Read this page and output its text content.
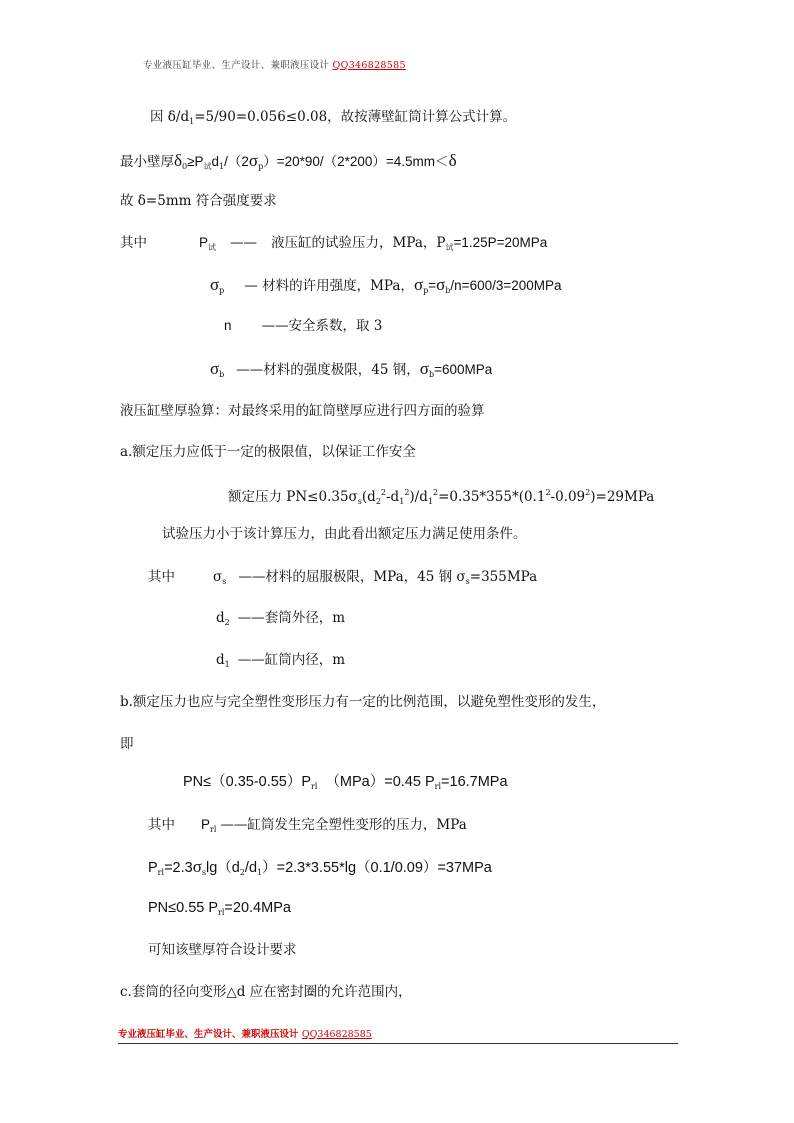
专业液压缸毕业、生产设计、兼职液压设计 QQ346828585
因 $\delta/d_1=5/90=0.056\le 0.08$，故按薄壁缸筒计算公式计算。
最小壁厚$\delta_0\ge P_试d_1/(2\sigma_p)=20*90/(2*200)=4.5mm<\delta$
故 δ=5mm 符合强度要求
其中	$P_试$ —— 液压缸的试验压力，MPa，$P_试=1.25P=20MPa$
$\sigma_p$ — 材料的许用强度，MPa，$\sigma_p=\sigma_b/n=600/3=200MPa$
n ——安全系数，取 3
$\sigma_b$ ——材料的强度极限，45 钢，$\sigma_b=600MPa$
液压缸壁厚验算：对最终采用的缸筒壁厚应进行四方面的验算
a.额定压力应低于一定的极限值，以保证工作安全
额定压力 $PN\le 0.35\sigma_s(d_2^2-d_1^2)/d_1^2=0.35*355*(0.1^2-0.09^2)=29MPa$
试验压力小于该计算压力，由此看出额定压力满足使用条件。
其中	$\sigma_s$ ——材料的屈服极限，MPa，45 钢 $\sigma_s=355MPa$
$d_2$ ——套筒外径，m
$d_1$ ——缸筒内径，m
b.额定压力也应与完全塑性变形压力有一定的比例范围，以避免塑性变形的发生，
即
$PN\le(0.35-0.55)P_{rl}$ （MPa）=0.45 $P_{rl}=16.7MPa$
其中 $P_{rl}$ ——缸筒发生完全塑性变形的压力，MPa
$P_{rl}=2.3\sigma_s\lg(d_2/d_1)=2.3*3.55*\lg(0.1/0.09)=37MPa$
PN≤0.55 $P_{rl}=20.4MPa$
可知该壁厚符合设计要求
c.套筒的径向变形△d 应在密封圈的允许范围内，
专业液压缸毕业、生产设计、兼职液压设计 QQ346828585
